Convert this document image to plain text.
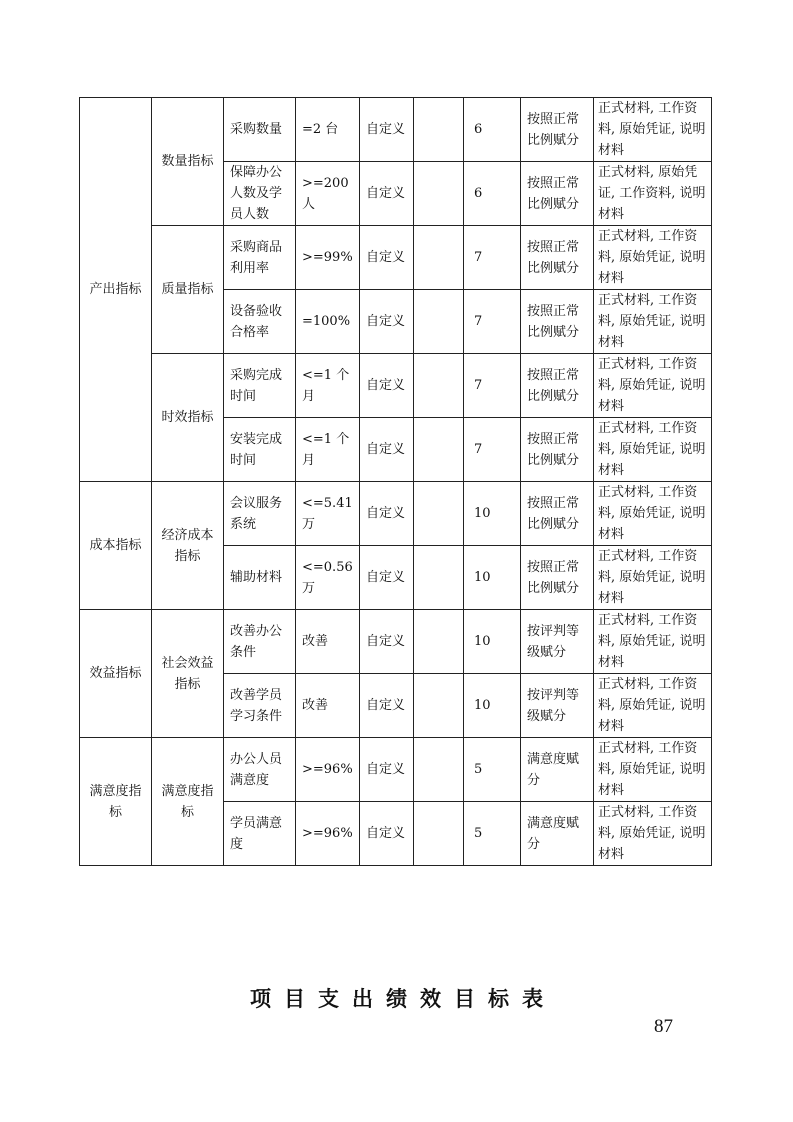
产出指标	数量指标	采购数量	=2 台	自定义		6	按照正常比例赋分	正式材料, 工作资料, 原始凭证, 说明材料
		保障办公人数及学员人数	>=200 人	自定义		6	按照正常比例赋分	正式材料, 原始凭证, 工作资料, 说明材料
	质量指标	采购商品利用率	>=99%	自定义		7	按照正常比例赋分	正式材料, 工作资料, 原始凭证, 说明材料
		设备验收合格率	=100%	自定义		7	按照正常比例赋分	正式材料, 工作资料, 原始凭证, 说明材料
	时效指标	采购完成时间	<=1 个月	自定义		7	按照正常比例赋分	正式材料, 工作资料, 原始凭证, 说明材料
		安装完成时间	<=1 个月	自定义		7	按照正常比例赋分	正式材料, 工作资料, 原始凭证, 说明材料
成本指标	经济成本指标	会议服务系统	<=5.41 万	自定义		10	按照正常比例赋分	正式材料, 工作资料, 原始凭证, 说明材料
		辅助材料	<=0.56 万	自定义		10	按照正常比例赋分	正式材料, 工作资料, 原始凭证, 说明材料
效益指标	社会效益指标	改善办公条件	改善	自定义		10	按评判等级赋分	正式材料, 工作资料, 原始凭证, 说明材料
		改善学员学习条件	改善	自定义		10	按评判等级赋分	正式材料, 工作资料, 原始凭证, 说明材料
满意度指标	满意度指标	办公人员满意度	>=96%	自定义		5	满意度赋分	正式材料, 工作资料, 原始凭证, 说明材料
		学员满意度	>=96%	自定义		5	满意度赋分	正式材料, 工作资料, 原始凭证, 说明材料
项目支出绩效目标表
87
